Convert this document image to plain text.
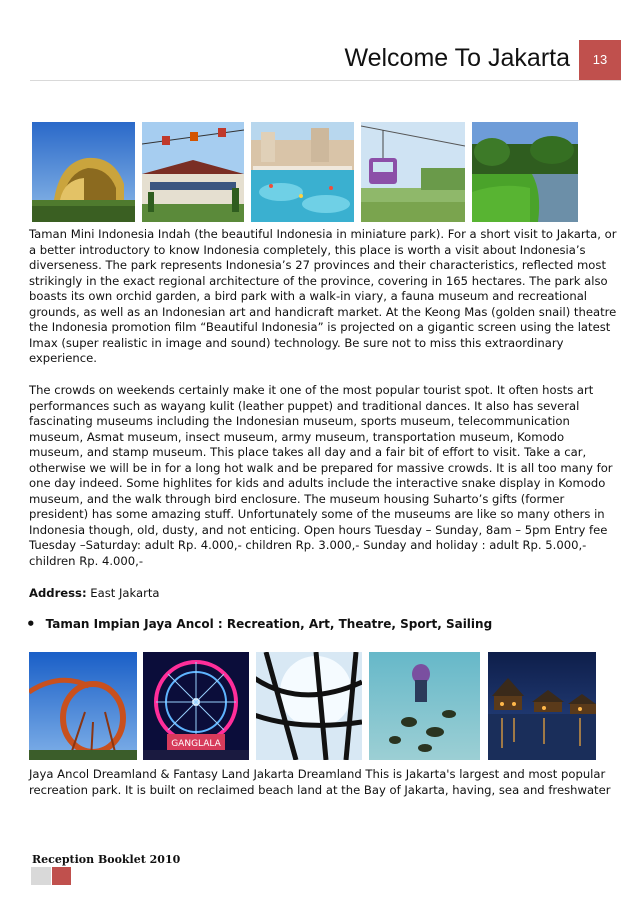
Welcome To Jakarta	13

Taman Mini Indonesia Indah (the beautiful Indonesia in miniature park). For a short visit to Jakarta, or a better introductory to know Indonesia completely, this place is worth a visit about Indonesia’s diverseness. The park represents Indonesia’s 27 provinces and their characteristics, reflected most strikingly in the exact regional architecture of the province, covering in 165 hectares. The park also boasts its own orchid garden, a bird park with a walk-in viary, a fauna museum and recreational grounds, as well as an Indonesian art and handicraft market. At the Keong Mas (golden snail) theatre the Indonesia promotion film “Beautiful Indonesia” is projected on a gigantic screen using the latest Imax (super realistic in image and sound) technology. Be sure not to miss this extraordinary experience.

The crowds on weekends certainly make it one of the most popular tourist spot. It often hosts art performances such as wayang kulit (leather puppet) and traditional dances. It also has several fascinating museums including the Indonesian museum, sports museum, telecommunication museum, Asmat museum, insect museum, army museum, transportation museum, Komodo museum, and stamp museum. This place takes all day and a fair bit of effort to visit. Take a car, otherwise we will be in for a long hot walk and be prepared for massive crowds. It is all too many for one day indeed. Some highlites for kids and adults include the interactive snake display in Komodo museum, and the walk through bird enclosure. The museum housing Suharto’s gifts (former president) has some amazing stuff. Unfortunately some of the museums are like so many others in Indonesia though, old, dusty, and not enticing. Open hours Tuesday – Sunday, 8am – 5pm Entry fee Tuesday –Saturday: adult Rp. 4.000,- children Rp. 3.000,- Sunday and holiday : adult Rp. 5.000,- children Rp. 4.000,-

Address: East Jakarta
• Taman Impian Jaya Ancol : Recreation, Art, Theatre, Sport, Sailing
GANGLALA

Jaya Ancol Dreamland & Fantasy Land Jakarta Dreamland This is Jakarta's largest and most popular recreation park. It is built on reclaimed beach land at the Bay of Jakarta, having, sea and freshwater

Reception Booklet 2010
